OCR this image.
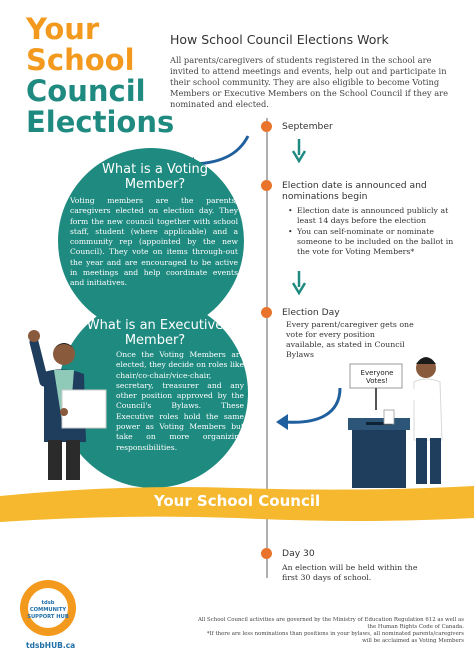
Your
School
Council
Elections
How School Council Elections Work
All parents/caregivers of students registered in the school are invited to attend meetings and events, help out and participate in their school community. They are also eligible to become Voting Members or Executive Members on the School Council if they are nominated and elected.
What is a Voting Member?
Voting members are the parents/ caregivers elected on election day. They form the new council together with school staff, student (where applicable) and a community rep (appointed by the new Council). They vote on items through-out the year and are encouraged to be active in meetings and help coordinate events and initiatives.
What is an Executive Member?
Once the Voting Members are elected, they decide on roles like chair/co-chair/vice-chair, secretary, treasurer and any other position approved by the Council's Bylaws. These Executive roles hold the same power as Voting Members but take on more organizing responsibilities.
September
Election date is announced and nominations begin
• Election date is announced publicly at least 14 days before the election
• You can self-nominate or nominate someone to be included on the ballot in the vote for Voting Members*
Election Day
Every parent/caregiver gets one vote for every position available, as stated in Council Bylaws
Everyone Votes!
Your School Council
Day 30
An election will be held within the first 30 days of school.
tdsb
COMMUNITY
SUPPORT HUB
tdsbHUB.ca
All School Council activities are governed by the Ministry of Education Regulation 612 as well as the Human Rights Code of Canada.
*If there are less nominations than positions in your bylaws, all nominated parents/caregivers will be acclaimed as Voting Members
